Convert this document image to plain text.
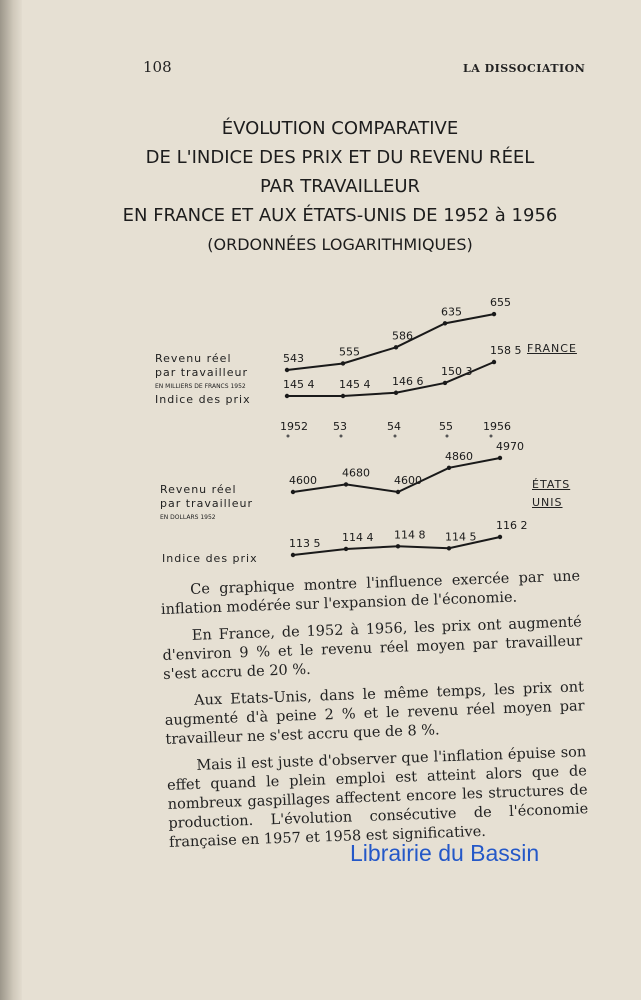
108	LA DISSOCIATION
ÉVOLUTION COMPARATIVE
DE L'INDICE DES PRIX ET DU REVENU RÉEL
PAR TRAVAILLEUR
EN FRANCE ET AUX ÉTATS-UNIS DE 1952 à 1956
(ORDONNÉES LOGARITHMIQUES)
Revenu réel
par travailleur
EN MILLIERS DE FRANCS 1952
Indice des prix
FRANCE
Revenu réel
par travailleur
EN DOLLARS 1952
Indice des prix
ÉTATS
UNIS
543
555
586
635
655
145 4 145 4 146 6
150 3
158 5
4600
4680
4600
4860
4970
113 5 114 4 114 8 114 5
116 2
1952 53	54	55	1956

Ce graphique montre l'influence exercée par une inflation modérée sur l'expansion de l'économie.

En France, de 1952 à 1956, les prix ont augmenté d'environ 9 % et le revenu réel moyen par travailleur s'est accru de 20 %.

Aux Etats-Unis, dans le même temps, les prix ont augmenté d'à peine 2 % et le revenu réel moyen par travailleur ne s'est accru que de 8 %.

Mais il est juste d'observer que l'inflation épuise son effet quand le plein emploi est atteint alors que de nombreux gaspillages affectent encore les structures de production. L'évolution consécutive de l'économie française en 1957 et 1958 est significative.

Librairie du Bassin
